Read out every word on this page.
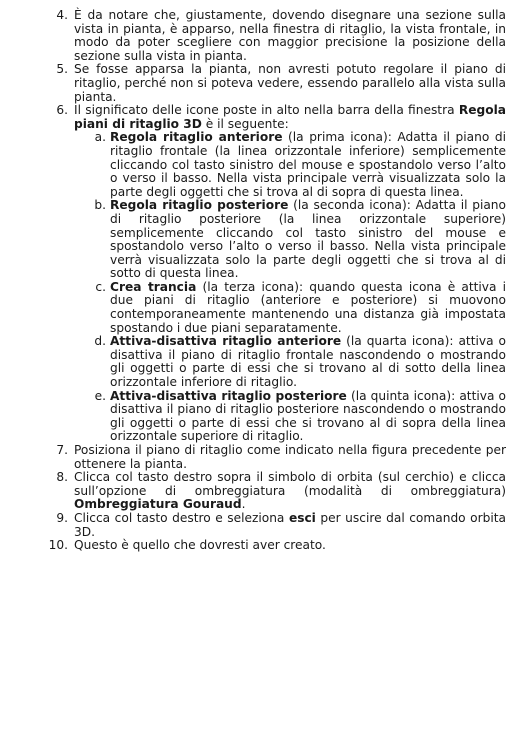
4. È da notare che, giustamente, dovendo disegnare una sezione sulla vista in pianta, è apparso, nella finestra di ritaglio, la vista frontale, in modo da poter scegliere con maggior precisione la posizione della sezione sulla vista in pianta.
5. Se fosse apparsa la pianta, non avresti potuto regolare il piano di ritaglio, perché non si poteva vedere, essendo parallelo alla vista sulla pianta.
6. Il significato delle icone poste in alto nella barra della finestra Regola piani di ritaglio 3D è il seguente:
a. Regola ritaglio anteriore (la prima icona): Adatta il piano di ritaglio frontale (la linea orizzontale inferiore) semplicemente cliccando col tasto sinistro del mouse e spostandolo verso l’alto o verso il basso. Nella vista principale verrà visualizzata solo la parte degli oggetti che si trova al di sopra di questa linea.
b. Regola ritaglio posteriore (la seconda icona): Adatta il piano di ritaglio posteriore (la linea orizzontale superiore) semplicemente cliccando col tasto sinistro del mouse e spostandolo verso l’alto o verso il basso. Nella vista principale verrà visualizzata solo la parte degli oggetti che si trova al di sotto di questa linea.
c. Crea trancia (la terza icona): quando questa icona è attiva i due piani di ritaglio (anteriore e posteriore) si muovono contemporaneamente mantenendo una distanza già impostata spostando i due piani separatamente.
d. Attiva-disattiva ritaglio anteriore (la quarta icona): attiva o disattiva il piano di ritaglio frontale nascondendo o mostrando gli oggetti o parte di essi che si trovano al di sotto della linea orizzontale inferiore di ritaglio.
e. Attiva-disattiva ritaglio posteriore (la quinta icona): attiva o disattiva il piano di ritaglio posteriore nascondendo o mostrando gli oggetti o parte di essi che si trovano al di sopra della linea orizzontale superiore di ritaglio.
7. Posiziona il piano di ritaglio come indicato nella figura precedente per ottenere la pianta.
8. Clicca col tasto destro sopra il simbolo di orbita (sul cerchio) e clicca sull’opzione di ombreggiatura (modalità di ombreggiatura) Ombreggiatura Gouraud.
9. Clicca col tasto destro e seleziona esci per uscire dal comando orbita 3D.
10. Questo è quello che dovresti aver creato.
